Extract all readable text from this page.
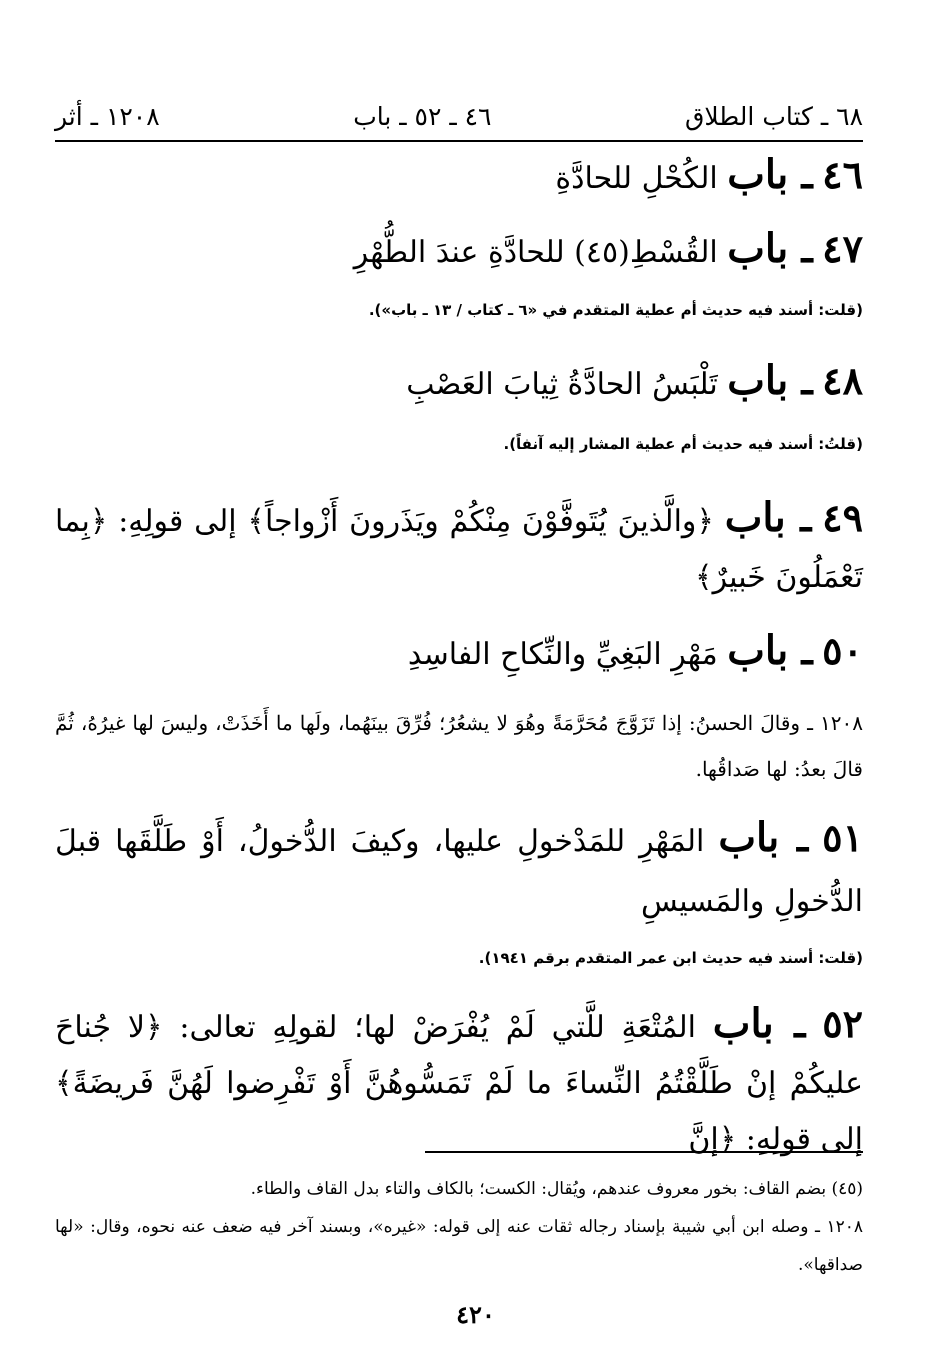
٦٨ ـ كتاب الطلاق
٤٦ ـ ٥٢ ـ باب
١٢٠٨ ـ أثر

٤٦ ـ باب الكُحْلِ للحادَّةِ

٤٧ ـ باب القُسْطِ(٤٥) للحادَّةِ عندَ الطُّهْرِ

(قلت: أسند فيه حديث أم عطية المتقدم في «٦ ـ كتاب / ١٣ ـ باب»).

٤٨ ـ باب تَلْبَسُ الحادَّةُ ثِيابَ العَصْبِ

(قلتُ: أسند فيه حديث أم عطية المشار إليه آنفاً).

٤٩ ـ باب ﴿والَّذينَ يُتَوفَّوْنَ مِنْكُمْ ويَذَرونَ أَزْواجاً﴾ إلى قولِهِ: ﴿بِما تَعْمَلُونَ خَبيرٌ﴾

٥٠ ـ باب مَهْرِ البَغِيِّ والنِّكاحِ الفاسِدِ

١٢٠٨ ـ وقالَ الحسنُ: إذا تَزَوَّجَ مُحَرَّمَةً وهُوَ لا يشعُرُ؛ فُرِّقَ بينَهُما، ولَها ما أَخَذَتْ، وليسَ لها غيرُهُ، ثُمَّ قالَ بعدُ: لها صَداقُها.

٥١ ـ باب المَهْرِ للمَدْخولِ عليها، وكيفَ الدُّخولُ، أَوْ طَلَّقَها قبلَ الدُّخولِ والمَسيسِ

(قلت: أسند فيه حديث ابن عمر المتقدم برقم ١٩٤١).

٥٢ ـ باب المُتْعَةِ للَّتي لَمْ يُفْرَضْ لها؛ لقولِهِ تعالى: ﴿لا جُناحَ عليكُمْ إنْ طَلَّقْتُمُ النِّساءَ ما لَمْ تَمَسُّوهُنَّ أَوْ تَفْرِضوا لَهُنَّ فَريضَةً﴾ إلى قولِهِ: ﴿إنَّ

(٤٥) بضم القاف: بخور معروف عندهم، ويُقال: الكست؛ بالكاف والتاء بدل القاف والطاء.
١٢٠٨ ـ وصله ابن أبي شيبة بإسناد رجاله ثقات عنه إلى قوله: «غيره»، وبسند آخر فيه ضعف عنه نحوه، وقال: «لها صداقها».
٤٢٠
